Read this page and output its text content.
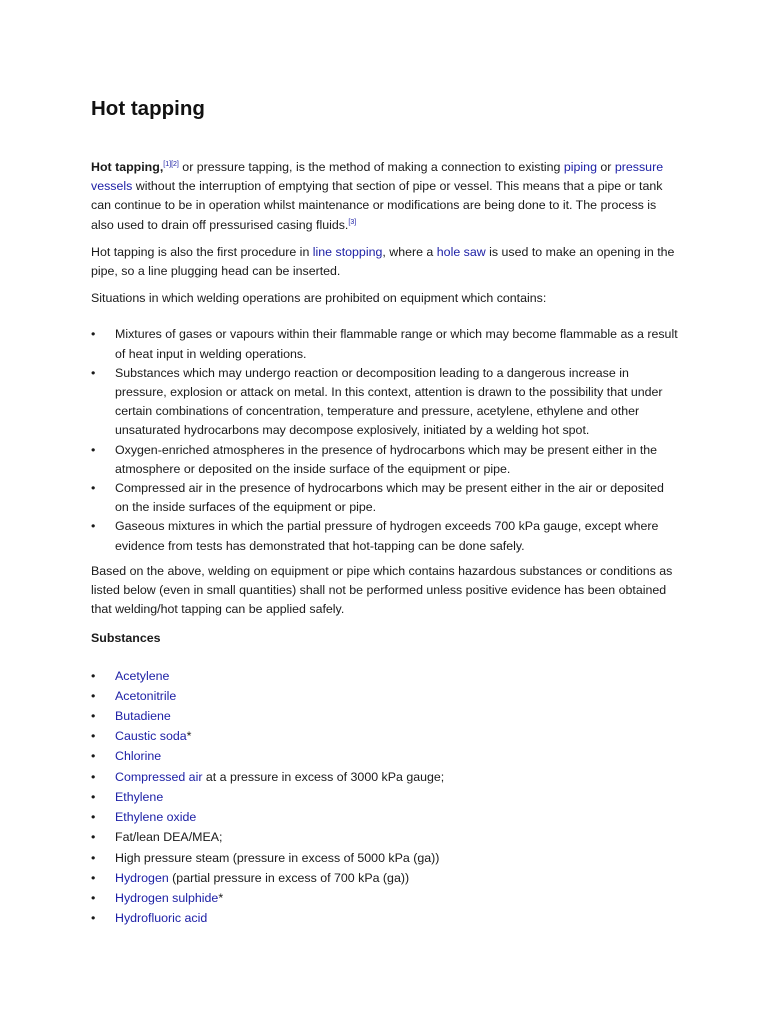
Hot tapping

Hot tapping,[1][2] or pressure tapping, is the method of making a connection to existing piping or pressure vessels without the interruption of emptying that section of pipe or vessel. This means that a pipe or tank can continue to be in operation whilst maintenance or modifications are being done to it. The process is also used to drain off pressurised casing fluids.[3]

Hot tapping is also the first procedure in line stopping, where a hole saw is used to make an opening in the pipe, so a line plugging head can be inserted.

Situations in which welding operations are prohibited on equipment which contains:

• Mixtures of gases or vapours within their flammable range or which may become flammable as a result of heat input in welding operations.
• Substances which may undergo reaction or decomposition leading to a dangerous increase in pressure, explosion or attack on metal. In this context, attention is drawn to the possibility that under certain combinations of concentration, temperature and pressure, acetylene, ethylene and other unsaturated hydrocarbons may decompose explosively, initiated by a welding hot spot.
• Oxygen-enriched atmospheres in the presence of hydrocarbons which may be present either in the atmosphere or deposited on the inside surface of the equipment or pipe.
• Compressed air in the presence of hydrocarbons which may be present either in the air or deposited on the inside surfaces of the equipment or pipe.
• Gaseous mixtures in which the partial pressure of hydrogen exceeds 700 kPa gauge, except where evidence from tests has demonstrated that hot-tapping can be done safely.

Based on the above, welding on equipment or pipe which contains hazardous substances or conditions as listed below (even in small quantities) shall not be performed unless positive evidence has been obtained that welding/hot tapping can be applied safely.

Substances

• Acetylene
• Acetonitrile
• Butadiene
• Caustic soda*
• Chlorine
• Compressed air at a pressure in excess of 3000 kPa gauge;
• Ethylene
• Ethylene oxide
• Fat/lean DEA/MEA;
• High pressure steam (pressure in excess of 5000 kPa (ga))
• Hydrogen (partial pressure in excess of 700 kPa (ga))
• Hydrogen sulphide*
• Hydrofluoric acid
